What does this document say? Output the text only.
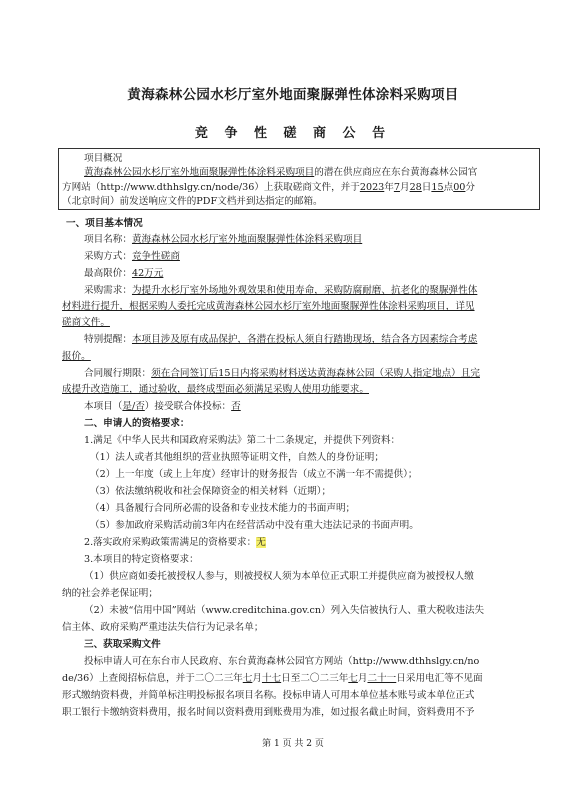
黄海森林公园水杉厅室外地面聚脲弹性体涂料采购项目
竞 争 性 磋 商 公 告
项目概况
黄海森林公园水杉厅室外地面聚脲弹性体涂料采购项目的潜在供应商应在东台黄海森林公园官
方网站（http://www.dthhslgy.cn/node/36）上获取磋商文件，并于2023年7月28日15点00分
（北京时间）前发送响应文件的PDF文档并到达指定的邮箱。
一、项目基本情况
项目名称：黄海森林公园水杉厅室外地面聚脲弹性体涂料采购项目
采购方式：竞争性磋商
最高限价：42万元
采购需求：为提升水杉厅室外场地外观效果和使用寿命，采购防腐耐磨、抗老化的聚脲弹性体
材料进行提升，根据采购人委托完成黄海森林公园水杉厅室外地面聚脲弹性体涂料采购项目，详见
磋商文件。
特别提醒：本项目涉及原有成品保护，各潜在投标人须自行踏勘现场，结合各方因素综合考虑
报价。
合同履行期限：须在合同签订后15日内将采购材料送达黄海森林公园（采购人指定地点）且完
成提升改造施工，通过验收，最终成型面必须满足采购人使用功能要求。
本项目（是/否）接受联合体投标：否
二、申请人的资格要求：
1.满足《中华人民共和国政府采购法》第二十二条规定，并提供下列资料：
（1）法人或者其他组织的营业执照等证明文件，自然人的身份证明；
（2）上一年度（或上上年度）经审计的财务报告（成立不满一年不需提供）；
（3）依法缴纳税收和社会保障资金的相关材料（近期）；
（4）具备履行合同所必需的设备和专业技术能力的书面声明；
（5）参加政府采购活动前3年内在经营活动中没有重大违法记录的书面声明。
2.落实政府采购政策需满足的资格要求：无
3.本项目的特定资格要求：
（1）供应商如委托被授权人参与，则被授权人须为本单位正式职工并提供应商为被授权人缴
纳的社会养老保证明；
（2）未被“信用中国”网站（www.creditchina.gov.cn）列入失信被执行人、重大税收违法失
信主体、政府采购严重违法失信行为记录名单；
三、获取采购文件
投标申请人可在东台市人民政府、东台黄海森林公园官方网站（http://www.dthhslgy.cn/no
de/36）上查阅招标信息，并于二〇二三年七月十七日至二〇二三年七月二十一日采用电汇等不见面
形式缴纳资料费，并简单标注明投标报名项目名称。投标申请人可用本单位基本账号或本单位正式
职工银行卡缴纳资料费用，报名时间以资料费用到账费用为准，如过报名截止时间，资料费用不予
第 1 页 共 2 页
